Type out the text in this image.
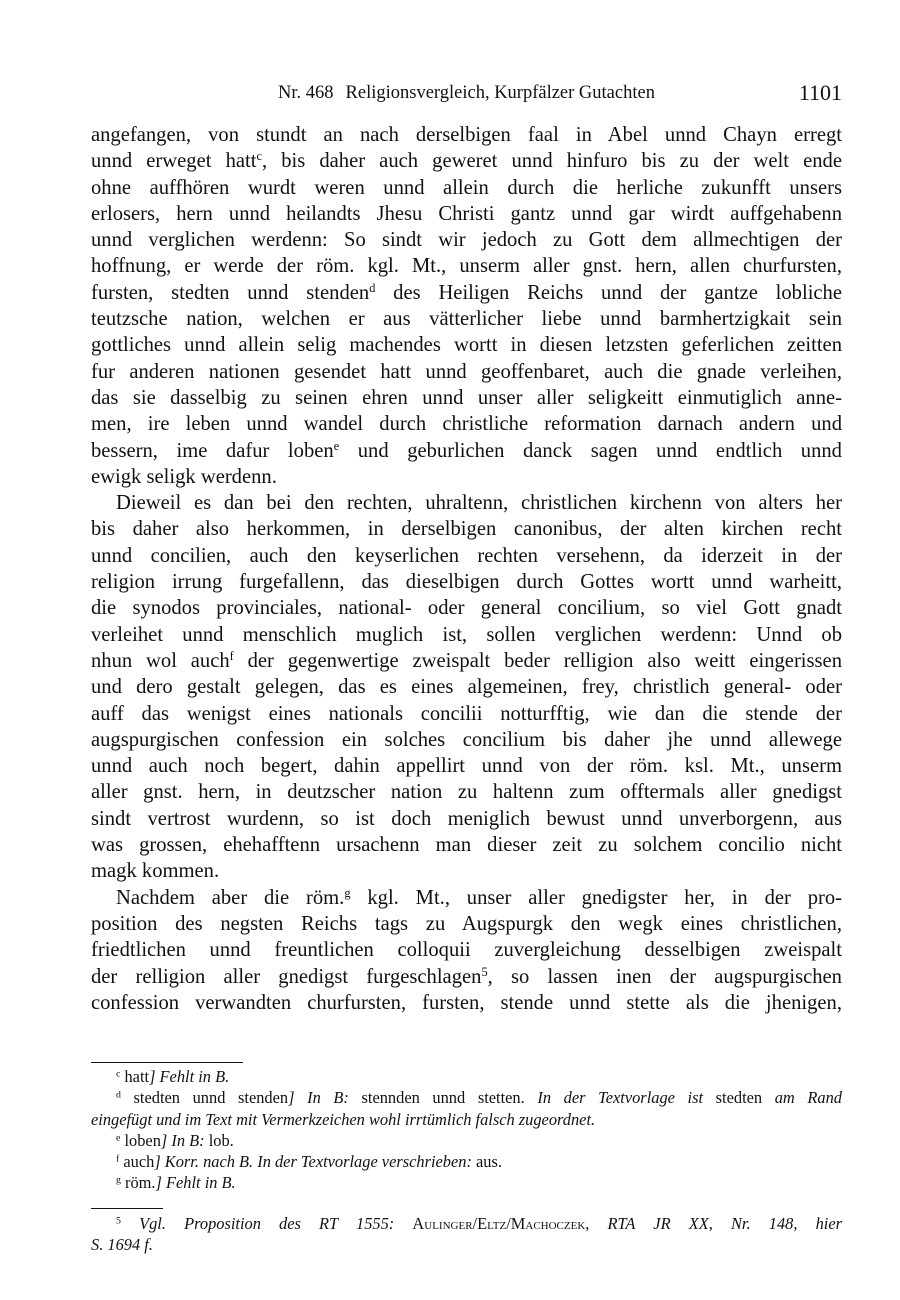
Nr. 468 Religionsvergleich, Kurpfälzer Gutachten	1101
angefangen, von stundt an nach derselbigen faal in Abel unnd Chayn erregt
unnd erweget hatt$^c$, bis daher auch geweret unnd hinfuro bis zu der welt ende
ohne auffhören wurdt weren unnd allein durch die herliche zukunfft unsers
erlosers, hern unnd heilandts Jhesu Christi gantz unnd gar wirdt auffgehabenn
unnd verglichen werdenn: So sindt wir jedoch zu Gott dem allmechtigen der
hoffnung, er werde der röm. kgl. Mt., unserm aller gnst. hern, allen churfursten,
fursten, stedten unnd stenden$^d$ des Heiligen Reichs unnd der gantze lobliche
teutzsche nation, welchen er aus vätterlicher liebe unnd barmhertzigkait sein
gottliches unnd allein selig machendes wortt in diesen letzsten geferlichen zeitten
fur anderen nationen gesendet hatt unnd geoffenbaret, auch die gnade verleihen,
das sie dasselbig zu seinen ehren unnd unser aller seligkeitt einmutiglich anne-
men, ire leben unnd wandel durch christliche reformation darnach andern und
bessern, ime dafur loben$^e$ und geburlichen danck sagen unnd endtlich unnd
ewigk seligk werdenn.
Dieweil es dan bei den rechten, uhraltenn, christlichen kirchenn von alters her
bis daher also herkommen, in derselbigen canonibus, der alten kirchen recht
unnd concilien, auch den keyserlichen rechten versehenn, da iderzeit in der
religion irrung furgefallenn, das dieselbigen durch Gottes wortt unnd warheitt,
die synodos provinciales, national- oder general concilium, so viel Gott gnadt
verleihet unnd menschlich muglich ist, sollen verglichen werdenn: Unnd ob
nhun wol auch$^f$ der gegenwertige zweispalt beder relligion also weitt eingerissen
und dero gestalt gelegen, das es eines algemeinen, frey, christlich general- oder
auff das wenigst eines nationals concilii notturfftig, wie dan die stende der
augspurgischen confession ein solches concilium bis daher jhe unnd allewege
unnd auch noch begert, dahin appellirt unnd von der röm. ksl. Mt., unserm
aller gnst. hern, in deutzscher nation zu haltenn zum offtermals aller gnedigst
sindt vertrost wurdenn, so ist doch meniglich bewust unnd unverborgenn, aus
was grossen, ehehafftenn ursachenn man dieser zeit zu solchem concilio nicht
magk kommen.
Nachdem aber die röm.$^g$ kgl. Mt., unser aller gnedigster her, in der pro-
position des negsten Reichs tags zu Augspurgk den wegk eines christlichen,
friedtlichen unnd freuntlichen colloquii zuvergleichung desselbigen zweispalt
der relligion aller gnedigst furgeschlagen$^5$, so lassen inen der augspurgischen
confession verwandten churfursten, fursten, stende unnd stette als die jhenigen,
$^c$ hatt] Fehlt in B.
$^d$ stedten unnd stenden] In B: stennden unnd stetten. In der Textvorlage ist stedten am Rand
eingefügt und im Text mit Vermerkzeichen wohl irrtümlich falsch zugeordnet.
$^e$ loben] In B: lob.
$^f$ auch] Korr. nach B. In der Textvorlage verschrieben: aus.
$^g$ röm.] Fehlt in B.
$^5$ Vgl. Proposition des RT 1555: Aulinger/Eltz/Machoczek, RTA JR XX, Nr. 148, hier
S. 1694 f.
